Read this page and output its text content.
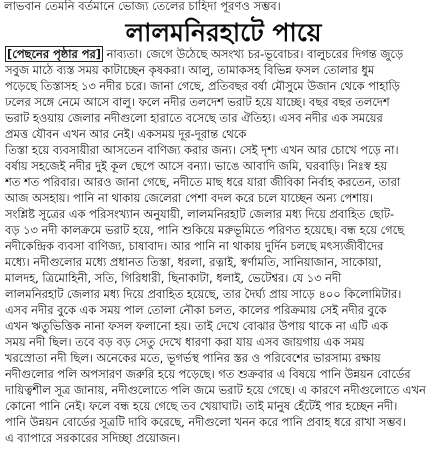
লাভবান তেমনি বর্তমানে ভোজ্য তেলের চাহিদা পূরণও সম্ভব।
লালমনিরহাটে পায়ে
[পেছনের পৃষ্ঠার পর] নাব্যতা। জেগে উঠেছে অসংখ্য চর-ভূবোচর। বালুচরের দিগন্ত জুড়ে
সবুজ মাঠে ব্যস্ত সময় কাটাচ্ছেন কৃষকরা। আলু, তামাকসহ বিভিন্ন ফসল তোলার ধুম
পড়েছে তিস্তাসহ ১৩ নদীর চরে। জানা গেছে, প্রতিবছর বর্ষা মৌসুমে উজান থেকে পাহাড়ি
ঢলের সঙ্গে নেমে আসে বালু। ফলে নদীর তলদেশ ভরাট হয়ে যাচ্ছে। বছর বছর তলদেশ
ভরাট হওয়ায় জেলার নদীগুলো হারাতে বসেছে তার ঐতিহ্য। এসব নদীর এক সময়ের
প্রমত্ত যৌবন এখন আর নেই। একসময় দূর-দূরান্ত থেকে
তিস্তা হয়ে ব্যবসায়ীরা আসতেন বাণিজ্য করার জন্য। সেই দৃশ্য এখন আর চোখে পড়ে না।
বর্ষায় সহজেই নদীর দুই কূল ছেপে আসে বন্যা। ভাঙে আবাদি জমি, ঘরবাড়ি। নিঃস্ব হয়
শত শত পরিবার। আরও জানা গেছে, নদীতে মাছ ধরে যারা জীবিকা নির্বাহ করতেন, তারা
আজ অসহায়। পানি না থাকায় জেলেরা পেশা বদল করে চলে যাচ্ছেন অন্য পেশায়।
সংশ্লিষ্ট সূত্রের এক পরিসংখ্যান অনুযায়ী, লালমনিরহাট জেলার মধ্য দিয়ে প্রবাহিত ছোট-
বড় ১৩ নদী কালক্রমে ভরাট হয়ে, পানি শুকিয়ে মরুভূমিতে পরিণত হয়েছে। বন্ধ হয়ে গেছে
নদীকেন্দ্রিক ব্যবসা বাণিজ্য, চাষাবাদ। আর পানি না থাকায় দুর্দিন চলছে মৎস্যজীবীদের
মধ্যে। নদীগুলোর মধ্যে প্রধানত তিস্তা, ধরলা, রত্নাই, স্বর্ণামতি, সানিয়াজান, সাকোয়া,
মালদহ, ত্রিমোহিনী, সতি, গিরিধারী, ছিনাকাটা, ধলাই, ভেটেশ্বর। যে ১৩ নদী
লালমনিরহাট জেলার মধ্য দিয়ে প্রবাহিত হয়েছে, তার দৈর্ঘ্য প্রায় সাড়ে ৪০০ কিলোমিটার।
এসব নদীর বুকে এক সময় পাল তোলা নৌকা চলত, কালের পরিক্রমায় সেই নদীর বুকে
এখন ঋতুভিত্তিক নানা ফসল ফলানো হয়। তাই দেখে বোঝার উপায় থাকে না এটি এক
সময় নদী ছিল। তবে বড় বড় সেতু দেখে ধারণা করা যায় এসব জায়গায় এক সময়
খরস্রোতা নদী ছিল। অনেকের মতে, ভূগর্ভস্থ পানির স্তর ও পরিবেশের ভারসাম্য রক্ষায়
নদীগুলোর পলি অপসারণ জরুরি হয়ে পড়েছে। গত শুক্রবার এ বিষয়ে পানি উন্নয়ন বোর্ডের
দায়িত্বশীল সূত্র জানায়, নদীগুলোতে পলি জমে ভরাট হয়ে গেছে। এ কারণে নদীগুলোতে এখন
কোনো পানি নেই। ফলে বন্ধ হয়ে গেছে তব খেয়াঘাট। তাই মানুষ হেঁটেই পার হচ্ছেন নদী।
পানি উন্নয়ন বোর্ডের সূত্রটি দাবি করেছে, নদীগুলো খনন করে পানি প্রবাহ ধরে রাখা সম্ভব।
এ ব্যাপারে সরকারের সদিচ্ছা প্রয়োজন।
